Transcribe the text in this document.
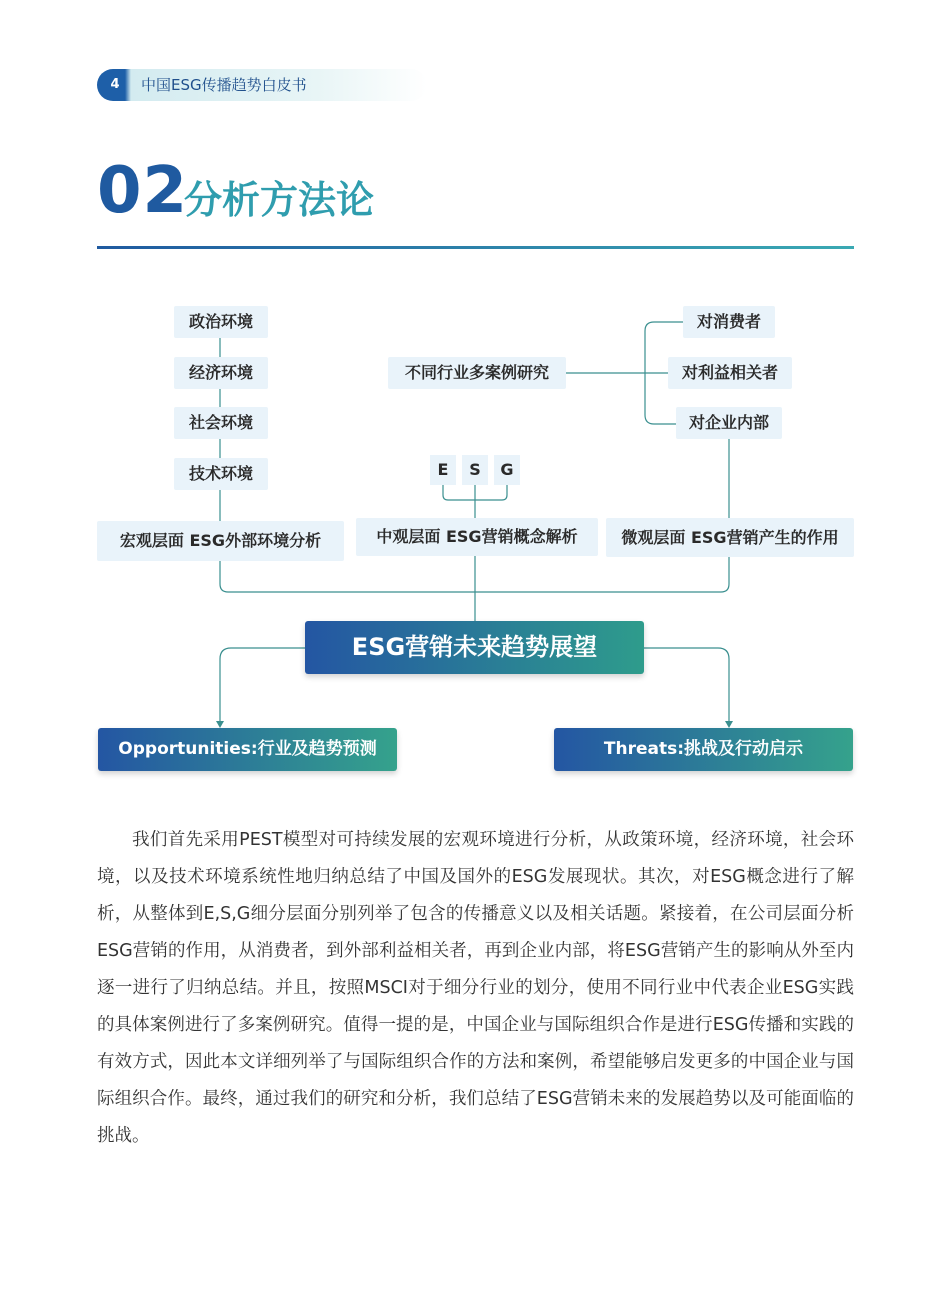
4	中国ESG传播趋势白皮书
02
分析方法论
政治环境
经济环境
社会环境
技术环境
不同行业多案例研究
对消费者
对利益相关者
对企业内部
E	S	G
宏观层面 ESG外部环境分析	中观层面 ESG营销概念解析	微观层面 ESG营销产生的作用
ESG营销未来趋势展望
Opportunities:行业及趋势预测	Threats:挑战及行动启示

我们首先采用PEST模型对可持续发展的宏观环境进行分析，从政策环境，经济环境，社会环境，以及技术环境系统性地归纳总结了中国及国外的ESG发展现状。其次，对ESG概念进行了解析，从整体到E,S,G细分层面分别列举了包含的传播意义以及相关话题。紧接着，在公司层面分析ESG营销的作用，从消费者，到外部利益相关者，再到企业内部，将ESG营销产生的影响从外至内逐一进行了归纳总结。并且，按照MSCI对于细分行业的划分，使用不同行业中代表企业ESG实践的具体案例进行了多案例研究。值得一提的是，中国企业与国际组织合作是进行ESG传播和实践的有效方式，因此本文详细列举了与国际组织合作的方法和案例，希望能够启发更多的中国企业与国际组织合作。最终，通过我们的研究和分析，我们总结了ESG营销未来的发展趋势以及可能面临的挑战。
